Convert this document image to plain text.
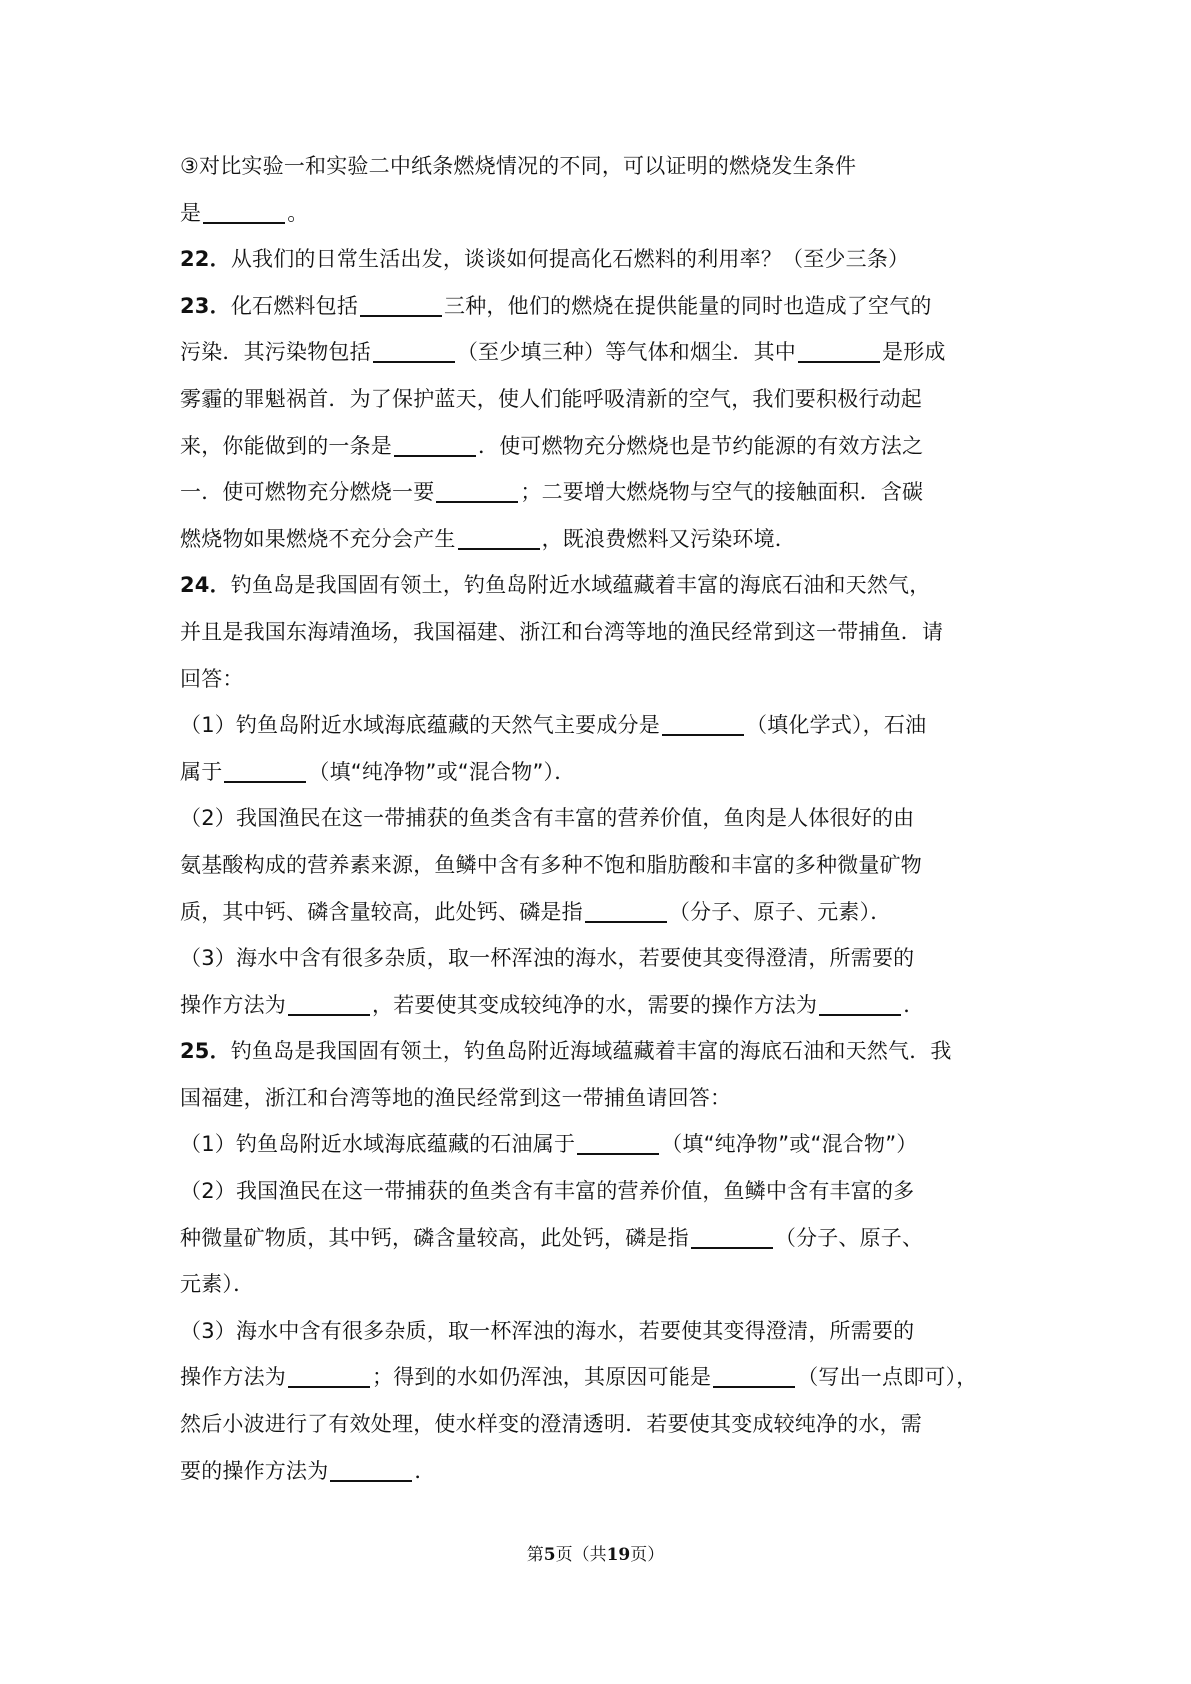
③对比实验一和实验二中纸条燃烧情况的不同，可以证明的燃烧发生条件
是	。
22．从我们的日常生活出发，谈谈如何提高化石燃料的利用率？（至少三条）
23．化石燃料包括	三种，他们的燃烧在提供能量的同时也造成了空气的
污染．其污染物包括	（至少填三种）等气体和烟尘．其中	是形成
雾霾的罪魁祸首．为了保护蓝天，使人们能呼吸清新的空气，我们要积极行动起
来，你能做到的一条是	．使可燃物充分燃烧也是节约能源的有效方法之
一．使可燃物充分燃烧一要	；二要增大燃烧物与空气的接触面积．含碳
燃烧物如果燃烧不充分会产生	，既浪费燃料又污染环境．
24．钓鱼岛是我国固有领土，钓鱼岛附近水域蕴藏着丰富的海底石油和天然气，
并且是我国东海靖渔场，我国福建、浙江和台湾等地的渔民经常到这一带捕鱼．请
回答：
（1）钓鱼岛附近水域海底蕴藏的天然气主要成分是	（填化学式），石油
属于	（填“纯净物”或“混合物”）．
（2）我国渔民在这一带捕获的鱼类含有丰富的营养价值，鱼肉是人体很好的由
氨基酸构成的营养素来源，鱼鳞中含有多种不饱和脂肪酸和丰富的多种微量矿物
质，其中钙、磷含量较高，此处钙、磷是指	（分子、原子、元素）．
（3）海水中含有很多杂质，取一杯浑浊的海水，若要使其变得澄清，所需要的
操作方法为	，若要使其变成较纯净的水，需要的操作方法为	．
25．钓鱼岛是我国固有领土，钓鱼岛附近海域蕴藏着丰富的海底石油和天然气．我
国福建，浙江和台湾等地的渔民经常到这一带捕鱼请回答：
（1）钓鱼岛附近水域海底蕴藏的石油属于	（填“纯净物”或“混合物”）
（2）我国渔民在这一带捕获的鱼类含有丰富的营养价值，鱼鳞中含有丰富的多
种微量矿物质，其中钙，磷含量较高，此处钙，磷是指	（分子、原子、
元素）．
（3）海水中含有很多杂质，取一杯浑浊的海水，若要使其变得澄清，所需要的
操作方法为	；得到的水如仍浑浊，其原因可能是	（写出一点即可），
然后小波进行了有效处理，使水样变的澄清透明．若要使其变成较纯净的水，需
要的操作方法为	．
第5页（共19页）
